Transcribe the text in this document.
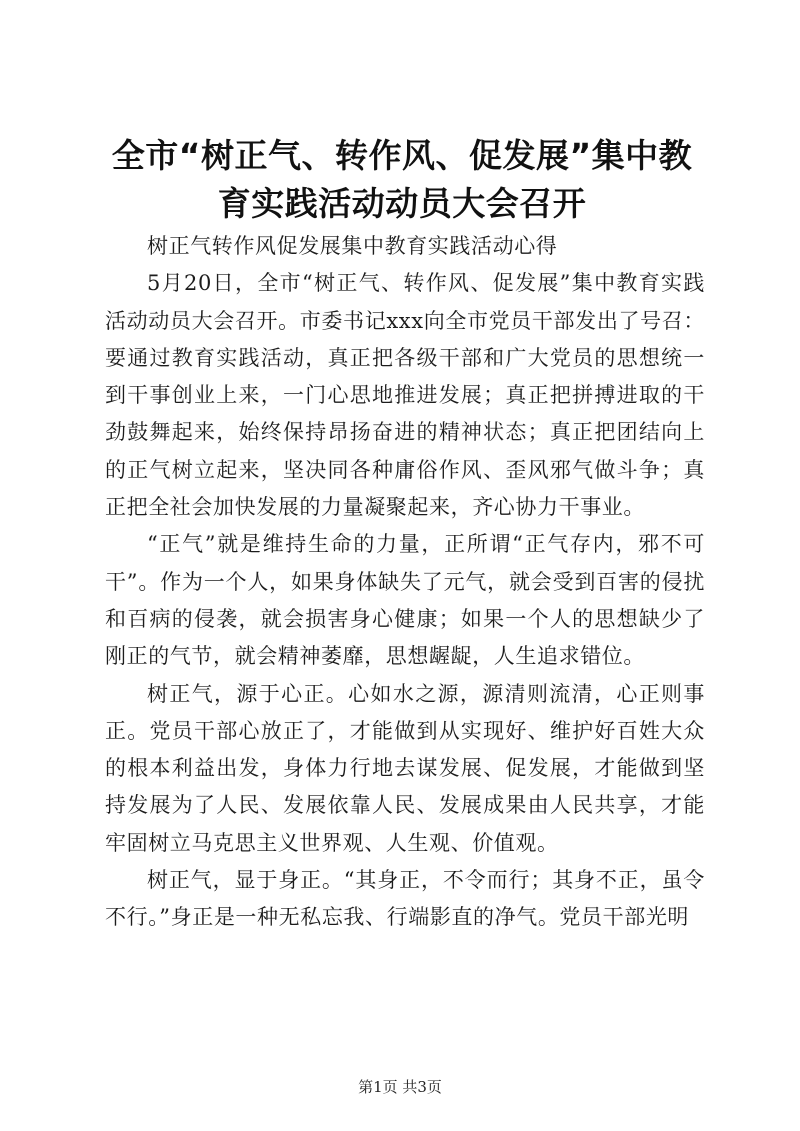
全市“树正气、转作风、促发展”集中教育实践活动动员大会召开

树正气转作风促发展集中教育实践活动心得

5月20日，全市“树正气、转作风、促发展”集中教育实践活动动员大会召开。市委书记xxx向全市党员干部发出了号召：要通过教育实践活动，真正把各级干部和广大党员的思想统一到干事创业上来，一门心思地推进发展；真正把拼搏进取的干劲鼓舞起来，始终保持昂扬奋进的精神状态；真正把团结向上的正气树立起来，坚决同各种庸俗作风、歪风邪气做斗争；真正把全社会加快发展的力量凝聚起来，齐心协力干事业。

“正气”就是维持生命的力量，正所谓“正气存内，邪不可干”。作为一个人，如果身体缺失了元气，就会受到百害的侵扰和百病的侵袭，就会损害身心健康；如果一个人的思想缺少了刚正的气节，就会精神萎靡，思想龌龊，人生追求错位。

树正气，源于心正。心如水之源，源清则流清，心正则事正。党员干部心放正了，才能做到从实现好、维护好百姓大众的根本利益出发，身体力行地去谋发展、促发展，才能做到坚持发展为了人民、发展依靠人民、发展成果由人民共享，才能牢固树立马克思主义世界观、人生观、价值观。

树正气，显于身正。“其身正，不令而行；其身不正，虽令不行。”身正是一种无私忘我、行端影直的净气。党员干部光明

第1页 共3页
